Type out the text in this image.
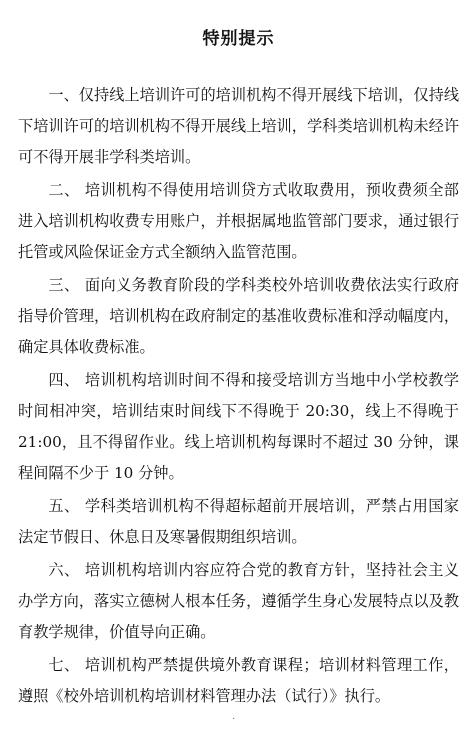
特别提示

一、仅持线上培训许可的培训机构不得开展线下培训，仅持线下培训许可的培训机构不得开展线上培训，学科类培训机构未经许可不得开展非学科类培训。

二、 培训机构不得使用培训贷方式收取费用，预收费须全部进入培训机构收费专用账户，并根据属地监管部门要求，通过银行托管或风险保证金方式全额纳入监管范围。

三、 面向义务教育阶段的学科类校外培训收费依法实行政府指导价管理，培训机构在政府制定的基准收费标准和浮动幅度内，确定具体收费标准。

四、 培训机构培训时间不得和接受培训方当地中小学校教学时间相冲突，培训结束时间线下不得晚于 20:30，线上不得晚于 21:00，且不得留作业。线上培训机构每课时不超过 30 分钟，课程间隔不少于 10 分钟。

五、 学科类培训机构不得超标超前开展培训，严禁占用国家法定节假日、休息日及寒暑假期组织培训。

六、 培训机构培训内容应符合党的教育方针，坚持社会主义办学方向，落实立德树人根本任务，遵循学生身心发展特点以及教育教学规律，价值导向正确。

七、 培训机构严禁提供境外教育课程；培训材料管理工作，遵照《校外培训机构培训材料管理办法（试行）》执行。

·
